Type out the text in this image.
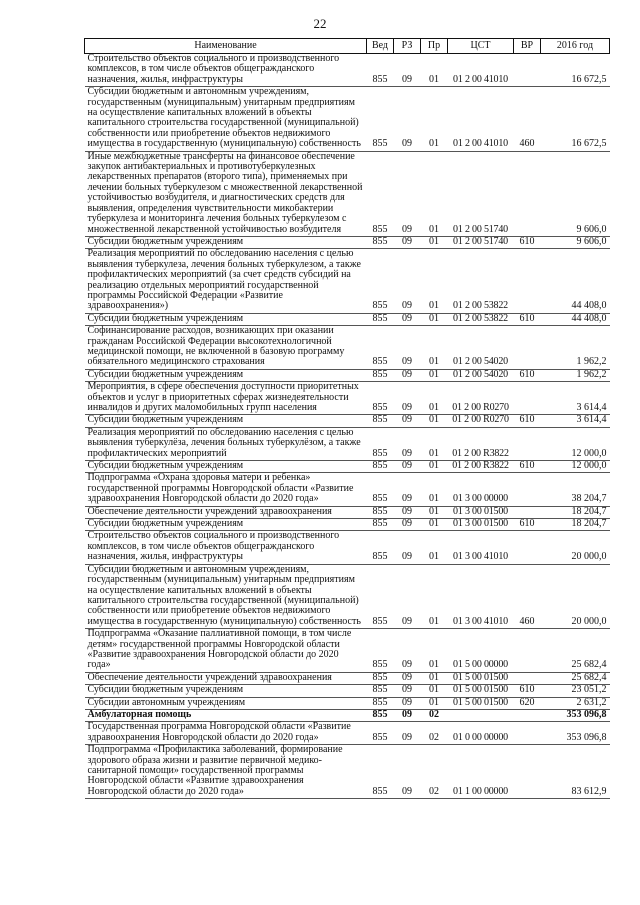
22
Наименование	Вед	РЗ	Пр	ЦСТ	ВР	2016 год
Строительство объектов социального и производственного комплексов, в том числе объектов общегражданского назначения, жилья, инфраструктуры	855	09	01	01 2 00 41010		16 672,5
Субсидии бюджетным и автономным учреждениям, государственным (муниципальным) унитарным предприятиям на осуществление капитальных вложений в объекты капитального строительства государственной (муниципальной) собственности или приобретение объектов недвижимого имущества в государственную (муниципальную) собственность	855	09	01	01 2 00 41010	460	16 672,5
Иные межбюджетные трансферты на финансовое обеспечение закупок антибактериальных и противотуберкулезных лекарственных препаратов (второго типа), применяемых при лечении больных туберкулезом с множественной лекарственной устойчивостью возбудителя, и диагностических средств для выявления, определения чувствительности микобактерии туберкулеза и мониторинга лечения больных туберкулезом с множественной лекарственной устойчивостью возбудителя	855	09	01	01 2 00 51740		9 606,0
Субсидии бюджетным учреждениям	855	09	01	01 2 00 51740	610	9 606,0
Реализация мероприятий по обследованию населения с целью выявления туберкулеза, лечения больных туберкулезом, а также профилактических мероприятий (за счет средств субсидий на реализацию отдельных мероприятий государственной программы Российской Федерации «Развитие здравоохранения»)	855	09	01	01 2 00 53822		44 408,0
Субсидии бюджетным учреждениям	855	09	01	01 2 00 53822	610	44 408,0
Софинансирование расходов, возникающих при оказании гражданам Российской Федерации высокотехнологичной медицинской помощи, не включенной в базовую программу обязательного медицинского страхования	855	09	01	01 2 00 54020		1 962,2
Субсидии бюджетным учреждениям	855	09	01	01 2 00 54020	610	1 962,2
Мероприятия, в сфере обеспечения доступности приоритетных объектов и услуг в приоритетных сферах жизнедеятельности инвалидов и других маломобильных групп населения	855	09	01	01 2 00 R0270		3 614,4
Субсидии бюджетным учреждениям	855	09	01	01 2 00 R0270	610	3 614,4
Реализация мероприятий по обследованию населения с целью выявления туберкулёза, лечения больных туберкулёзом, а также профилактических мероприятий	855	09	01	01 2 00 R3822		12 000,0
Субсидии бюджетным учреждениям	855	09	01	01 2 00 R3822	610	12 000,0
Подпрограмма «Охрана здоровья матери и ребенка» государственной программы Новгородской области «Развитие здравоохранения Новгородской области до 2020 года»	855	09	01	01 3 00 00000		38 204,7
Обеспечение деятельности учреждений здравоохранения	855	09	01	01 3 00 01500		18 204,7
Субсидии бюджетным учреждениям	855	09	01	01 3 00 01500	610	18 204,7
Строительство объектов социального и производственного комплексов, в том числе объектов общегражданского назначения, жилья, инфраструктуры	855	09	01	01 3 00 41010		20 000,0
Субсидии бюджетным и автономным учреждениям, государственным (муниципальным) унитарным предприятиям на осуществление капитальных вложений в объекты капитального строительства государственной (муниципальной) собственности или приобретение объектов недвижимого имущества в государственную (муниципальную) собственность	855	09	01	01 3 00 41010	460	20 000,0
Подпрограмма «Оказание паллиативной помощи, в том числе детям» государственной программы Новгородской области «Развитие здравоохранения Новгородской области до 2020 года»	855	09	01	01 5 00 00000		25 682,4
Обеспечение деятельности учреждений здравоохранения	855	09	01	01 5 00 01500		25 682,4
Субсидии бюджетным учреждениям	855	09	01	01 5 00 01500	610	23 051,2
Субсидии автономным учреждениям	855	09	01	01 5 00 01500	620	2 631,2
Амбулаторная помощь	855	09	02			353 096,8
Государственная программа Новгородской области «Развитие здравоохранения Новгородской области до 2020 года»	855	09	02	01 0 00 00000		353 096,8
Подпрограмма «Профилактика заболеваний, формирование здорового образа жизни и развитие первичной медико-санитарной помощи» государственной программы Новгородской области «Развитие здравоохранения Новгородской области до 2020 года»	855	09	02	01 1 00 00000		83 612,9
